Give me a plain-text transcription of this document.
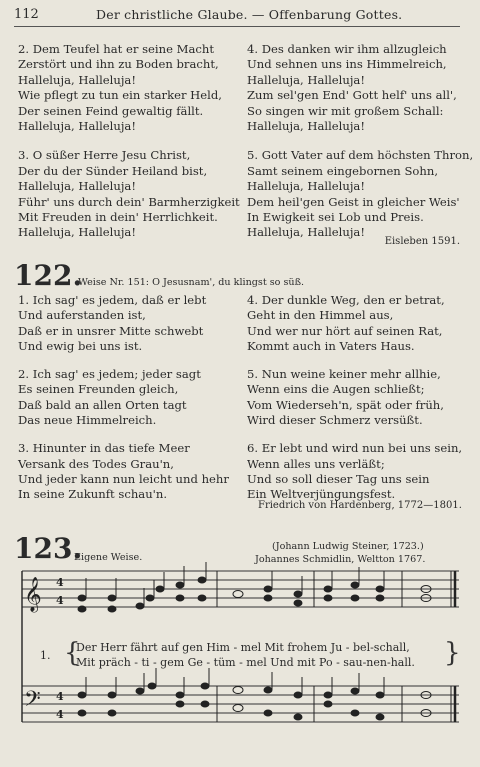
112	Der christliche Glaube. — Offenbarung Gottes.
2. Dem Teufel hat er seine Macht
Zerstört und ihn zu Boden bracht,
Halleluja, Halleluja!
Wie pflegt zu tun ein starker Held,
Der seinen Feind gewaltig fällt.
Halleluja, Halleluja!
3. O süßer Herre Jesu Christ,
Der du der Sünder Heiland bist,
Halleluja, Halleluja!
Führ' uns durch dein' Barmherzigkeit
Mit Freuden in dein' Herrlichkeit.
Halleluja, Halleluja!
4. Des danken wir ihm allzugleich
Und sehnen uns ins Himmelreich,
Halleluja, Halleluja!
Zum sel'gen End' Gott helf' uns all',
So singen wir mit großem Schall:
Halleluja, Halleluja!
5. Gott Vater auf dem höchsten Thron,
Samt seinem eingebornen Sohn,
Halleluja, Halleluja!
Dem heil'gen Geist in gleicher Weis'
In Ewigkeit sei Lob und Preis.
Halleluja, Halleluja!
Eisleben 1591.
122.
Weise Nr. 151: O Jesusnam', du klingst so süß.
1. Ich sag' es jedem, daß er lebt
Und auferstanden ist,
Daß er in unsrer Mitte schwebt
Und ewig bei uns ist.
2. Ich sag' es jedem; jeder sagt
Es seinen Freunden gleich,
Daß bald an allen Orten tagt
Das neue Himmelreich.
3. Hinunter in das tiefe Meer
Versank des Todes Grau'n,
Und jeder kann nun leicht und hehr
In seine Zukunft schau'n.
4. Der dunkle Weg, den er betrat,
Geht in den Himmel aus,
Und wer nur hört auf seinen Rat,
Kommt auch in Vaters Haus.
5. Nun weine keiner mehr allhie,
Wenn eins die Augen schließt;
Vom Wiederseh'n, spät oder früh,
Wird dieser Schmerz versüßt.
6. Er lebt und wird nun bei uns sein,
Wenn alles uns verläßt;
Und so soll dieser Tag uns sein
Ein Weltverjüngungsfest.
Friedrich von Hardenberg, 1772—1801.
123.
Eigene Weise.
(Johann Ludwig Steiner, 1723.)
Johannes Schmidlin, Weltton 1767.
𝄞
𝄢
4
4
4
4
{	}
1.
Der Herr fährt auf gen Him - mel Mit frohem Ju - bel-schall,
Mit präch - ti - gem Ge - tüm - mel Und mit Po - sau-nen-hall.
